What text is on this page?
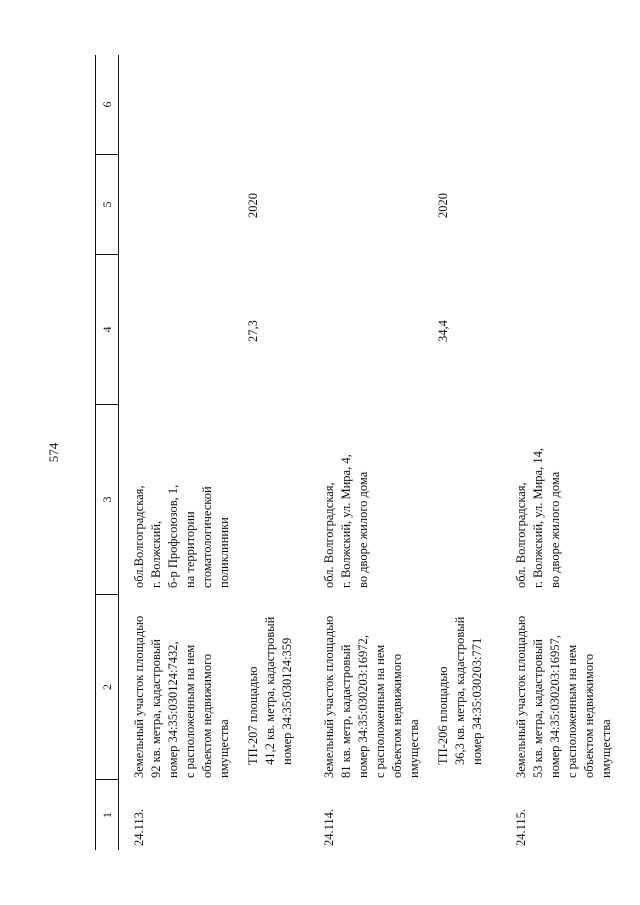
574
1
2
3
4
5
6
24.113.
Земельный участок площадью
92 кв. метра, кадастровый
номер 34:35:030124:7432,
с расположенным на нем
объектом недвижимого
имущества
обл.Волгоградская,
г. Волжский,
б-р Профсоюзов, 1,
на территории
стоматологической
поликлиники
ТП-207 площадью
41,2 кв. метра, кадастровый
номер 34:35:030124:359
27,3
2020
24.114.
Земельный участок площадью
81 кв. метр, кадастровый
номер 34:35:030203:16972,
с расположенным на нем
объектом недвижимого
имущества
обл. Волгоградская,
г. Волжский, ул. Мира, 4,
во дворе жилого дома
ТП-206 площадью
36,3 кв. метра, кадастровый
номер 34:35:030203:771
34,4
2020
24.115.
Земельный участок площадью
53 кв. метра, кадастровый
номер 34:35:030203:16957,
с расположенным на нем
объектом недвижимого
имущества
обл. Волгоградская,
г. Волжский, ул. Мира, 14,
во дворе жилого дома
